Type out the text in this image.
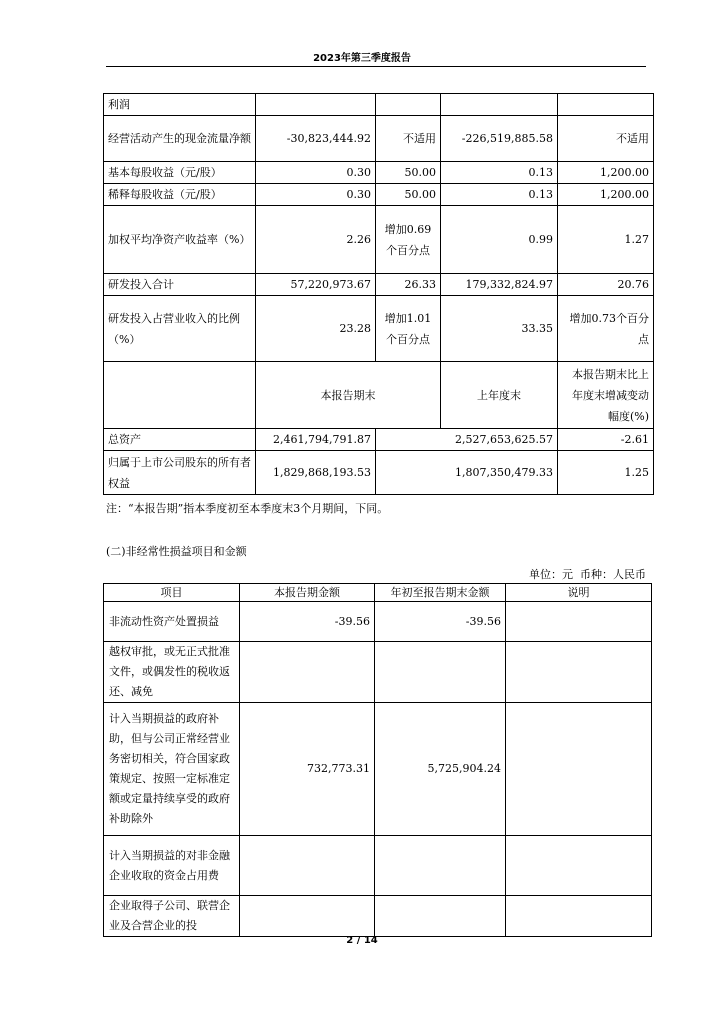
2023年第三季度报告
利润				
经营活动产生的现金流量净额	-30,823,444.92	不适用	-226,519,885.58	不适用
基本每股收益（元/股）	0.30	50.00	0.13	1,200.00
稀释每股收益（元/股）	0.30	50.00	0.13	1,200.00
加权平均净资产收益率（%）	2.26	增加0.69个百分点	0.99	1.27
研发投入合计	57,220,973.67	26.33	179,332,824.97	20.76
研发投入占营业收入的比例（%）	23.28	增加1.01个百分点	33.35	增加0.73个百分点
	本报告期末		上年度末	本报告期末比上年度末增减变动幅度(%)
总资产	2,461,794,791.87	2,527,653,625.57		-2.61
归属于上市公司股东的所有者权益	1,829,868,193.53	1,807,350,479.33		1.25
注：“本报告期”指本季度初至本季度末3个月期间，下同。
(二)非经常性损益项目和金额
单位：元  币种：人民币
项目	本报告期金额	年初至报告期末金额	说明
非流动性资产处置损益	-39.56	-39.56	
越权审批，或无正式批准文件，或偶发性的税收返还、减免			
计入当期损益的政府补助，但与公司正常经营业务密切相关，符合国家政策规定、按照一定标准定额或定量持续享受的政府补助除外	732,773.31	5,725,904.24	
计入当期损益的对非金融企业收取的资金占用费			
企业取得子公司、联营企业及合营企业的投			
2 / 14
